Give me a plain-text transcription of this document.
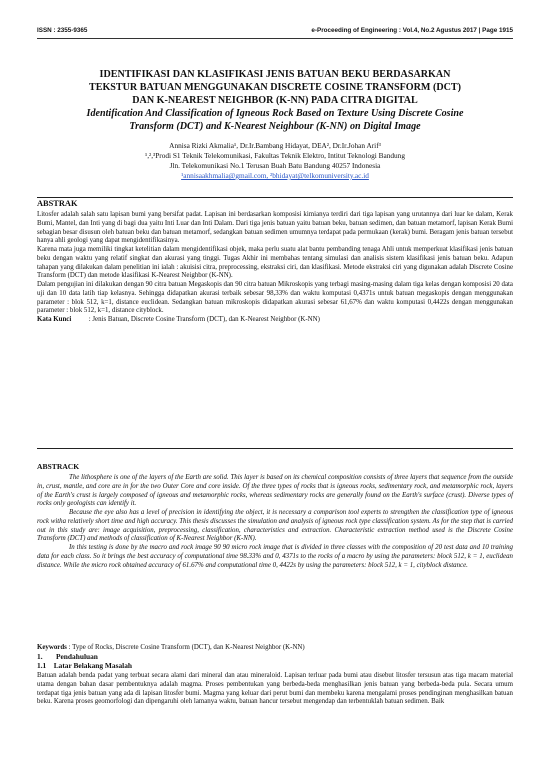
ISSN : 2355-9365	e-Proceeding of Engineering : Vol.4, No.2 Agustus 2017 | Page 1915
IDENTIFIKASI DAN KLASIFIKASI JENIS BATUAN BEKU BERDASARKAN
TEKSTUR BATUAN MENGGUNAKAN DISCRETE COSINE TRANSFORM (DCT)
DAN K-NEAREST NEIGHBOR (K-NN) PADA CITRA DIGITAL
Identification And Classification of Igneous Rock Based on Texture Using Discrete Cosine
Transform (DCT) and K-Nearest Neighbour (K-NN) on Digital Image
Annisa Rizki Akmalia¹, Dr.Ir.Bambang Hidayat, DEA², Dr.Ir.Johan Arif³
¹,²,³Prodi S1 Teknik Telekomunikasi, Fakultas Teknik Elektro, Intitut Teknologi Bandung
Jln. Telekomunikasi No.1 Terusan Buah Batu Bandung 40257 Indonesia
¹annisaakhmalia@gmail.com, ²bhidayat@telkomuniversity.ac.id
ABSTRAK

Litosfer adalah salah satu lapisan bumi yang bersifat padat. Lapisan ini berdasarkan komposisi kimianya terdiri dari tiga lapisan yang urutannya dari luar ke dalam, Kerak Bumi, Mantel, dan Inti yang di bagi dua yaitu Inti Luar dan Inti Dalam. Dari tiga jenis batuan yaitu batuan beku, batuan sedimen, dan batuan metamorf, lapisan Kerak Bumi sebagian besar disusun oleh batuan beku dan batuan metamorf, sedangkan batuan sedimen umumnya terdapat pada permukaan (kerak) bumi. Beragam jenis batuan tersebut hanya ahli geologi yang dapat mengidentifikasinya.

Karena mata juga memiliki tingkat ketelitian dalam mengidentifikasi objek, maka perlu suatu alat bantu pembanding tenaga Ahli untuk memperkuat klasifikasi jenis batuan beku dengan waktu yang relatif singkat dan akurasi yang tinggi. Tugas Akhir ini membahas tentang simulasi dan analisis sistem klasifikasi jenis batuan beku. Adapun tahapan yang dilakukan dalam penelitian ini ialah : akuisisi citra, preprocessing, ekstraksi ciri, dan klasifikasi. Metode ekstraksi ciri yang digunakan adalah Discrete Cosine Transform (DCT) dan metode klasifikasi K-Nearest Neighbor (K-NN).

Dalam pengujian ini dilakukan dengan 90 citra batuan Megaskopis dan 90 citra batuan Mikroskopis yang terbagi masing-masing dalam tiga kelas dengan komposisi 20 data uji dan 10 data latih tiap kelasnya. Sehingga didapatkan akurasi terbaik sebesar 98,33% dan waktu komputasi 0,4371s untuk batuan megaskopis dengan menggunakan parameter : blok 512, k=1, distance euclidean. Sedangkan batuan mikroskopis didapatkan akurasi sebesar 61,67% dan waktu komputasi 0,4422s dengan menggunakan parameter : blok 512, k=1, distance cityblock.

Kata Kunci	: Jenis Batuan, Discrete Cosine Transform (DCT), dan K-Nearest Neighbor (K-NN)

ABSTRACK

The lithosphere is one of the layers of the Earth are solid. This layer is based on its chemical composition consists of three layers that sequence from the outside in, crust, mantle, and core are in for the two Outer Core and core inside. Of the three types of rocks that is igneous rocks, sedimentary rock, and metamorphic rock, layers of the Earth's crust is largely composed of igneous and metamorphic rocks, whereas sedimentary rocks are generally found on the Earth's surface (crust). Diverse types of rocks only geologists can identify it.

Because the eye also has a level of precision in identifying the object, it is necessary a comparison tool experts to strengthen the classification type of igneous rock witha relatively short time and high accuracy. This thesis discusses the simulation and analysis of igneous rock type classification system. As for the step that is carried out in this study are: image acquisition, preprocessing, classification, characteristics and extraction. Characteristic extraction method used is the Discrete Cosine Transform (DCT) and methods of classification of K-Nearest Neighbor (K-NN).

In this testing is done by the macro and rock image 90 90 micro rock image that is divided in three classes with the composition of 20 test data and 10 training data for each class. So it brings the best accuracy of computational time 98.33% and 0, 4371s to the rocks of a macro by using the parameters: block 512, k = 1, euclidean distance. While the micro rock obtained accuracy of 61.67% and computational time 0, 4422s by using the parameters: block 512, k = 1, cityblock distance.

Keywords : Type of Rocks, Discrete Cosine Transform (DCT), dan K-Nearest Neighbor (K-NN)
1. Pendahuluan
1.1 Latar Belakang Masalah

Batuan adalah benda padat yang terbuat secara alami dari mineral dan atau mineraloid. Lapisan terluar pada bumi atau disebut litosfer tersusun atas tiga macam material utama dengan bahan dasar pembentuknya adalah magma. Proses pembentukan yang berbeda-beda menghasilkan jenis batuan yang berbeda-beda pula. Secara umum terdapat tiga jenis batuan yang ada di lapisan litosfer bumi. Magma yang keluar dari perut bumi dan membeku karena mengalami proses pendinginan menghasilkan batuan beku. Karena proses geomorfologi dan dipengaruhi oleh lamanya waktu, batuan hancur tersebut mengendap dan terbentuklah batuan sedimen. Baik
